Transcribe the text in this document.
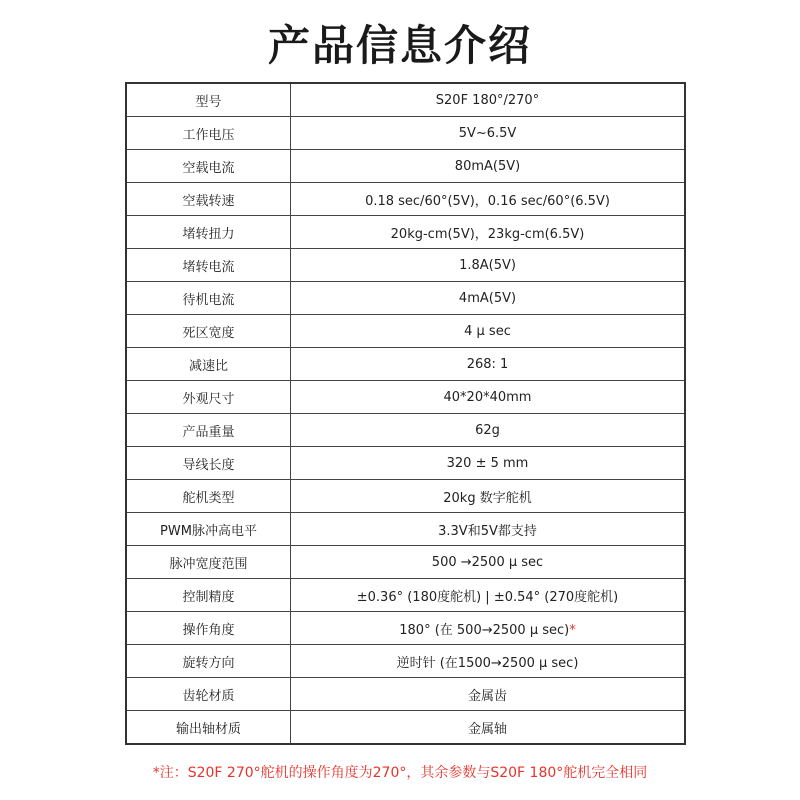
产品信息介绍
型号	S20F 180°/270°
工作电压	5V~6.5V
空载电流	80mA(5V)
空载转速	0.18 sec/60°(5V)，0.16 sec/60°(6.5V)
堵转扭力	20kg-cm(5V)，23kg-cm(6.5V)
堵转电流	1.8A(5V)
待机电流	4mA(5V)
死区宽度	4 μ sec
减速比	268: 1
外观尺寸	40*20*40mm
产品重量	62g
导线长度	320 ± 5 mm
舵机类型	20kg 数字舵机
PWM脉冲高电平	3.3V和5V都支持
脉冲宽度范围	500 →2500 μ sec
控制精度	±0.36° (180度舵机) | ±0.54° (270度舵机)
操作角度	180° (在 500→2500 μ sec)*
旋转方向	逆时针 (在1500→2500 μ sec)
齿轮材质	金属齿
输出轴材质	金属轴
*注：S20F 270°舵机的操作角度为270°，其余参数与S20F 180°舵机完全相同
